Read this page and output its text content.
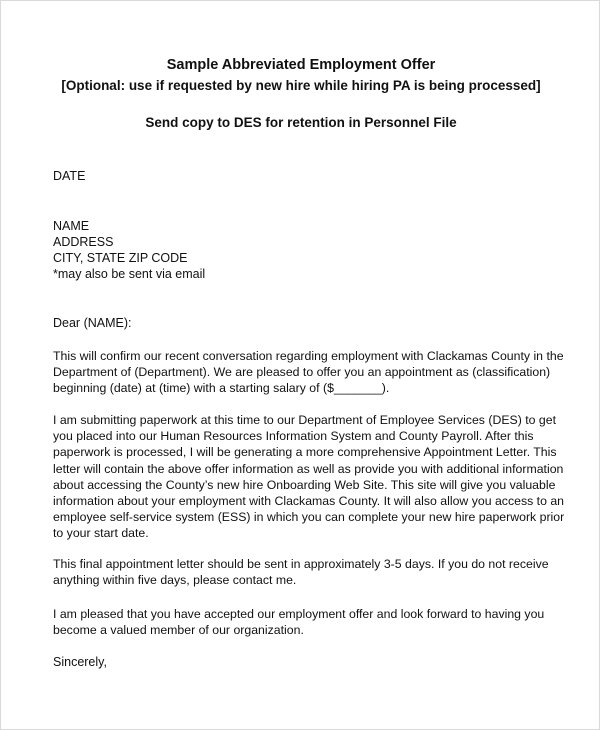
Sample Abbreviated Employment Offer
[Optional: use if requested by new hire while hiring PA is being processed]
Send copy to DES for retention in Personnel File
DATE
NAME
ADDRESS
CITY, STATE ZIP CODE
*may also be sent via email
Dear (NAME):
This will confirm our recent conversation regarding employment with Clackamas County in the
Department of (Department). We are pleased to offer you an appointment as (classification)
beginning (date) at (time) with a starting salary of ($_______).
I am submitting paperwork at this time to our Department of Employee Services (DES) to get
you placed into our Human Resources Information System and County Payroll. After this
paperwork is processed, I will be generating a more comprehensive Appointment Letter. This
letter will contain the above offer information as well as provide you with additional information
about accessing the County’s new hire Onboarding Web Site. This site will give you valuable
information about your employment with Clackamas County. It will also allow you access to an
employee self-service system (ESS) in which you can complete your new hire paperwork prior
to your start date.
This final appointment letter should be sent in approximately 3-5 days. If you do not receive
anything within five days, please contact me.
I am pleased that you have accepted our employment offer and look forward to having you
become a valued member of our organization.
Sincerely,
